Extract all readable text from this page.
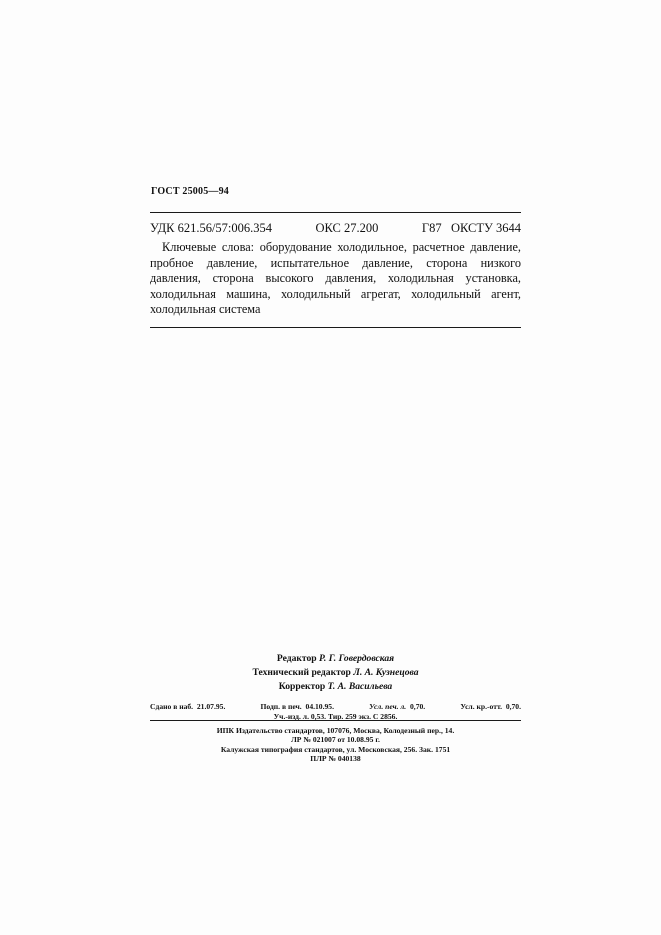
ГОСТ 25005—94
УДК 621.56/57:006.354	ОКС 27.200	Г87 ОКСТУ 3644
Ключевые слова: оборудование холодильное, расчетное давление, пробное давление, испытательное давление, сторона низкого давления, сторона высокого давления, холодильная установка, холодильная машина, холодильный агрегат, холодильный агент, холодильная система
Редактор Р. Г. Говердовская
Технический редактор Л. А. Кузнецова
Корректор Т. А. Васильева
Сдано в наб. 21.07.95.	Подп. в печ. 04.10.95.	Усл. печ. л. 0,70.	Усл. кр.-отт. 0,70.
Уч.-изд. л. 0,53. Тир. 259 экз. С 2856.
ИПК Издательство стандартов, 107076, Москва, Колодезный пер., 14.
ЛР № 021007 от 10.08.95 г.
Калужская типография стандартов, ул. Московская, 256. Зак. 1751
ПЛР № 040138
